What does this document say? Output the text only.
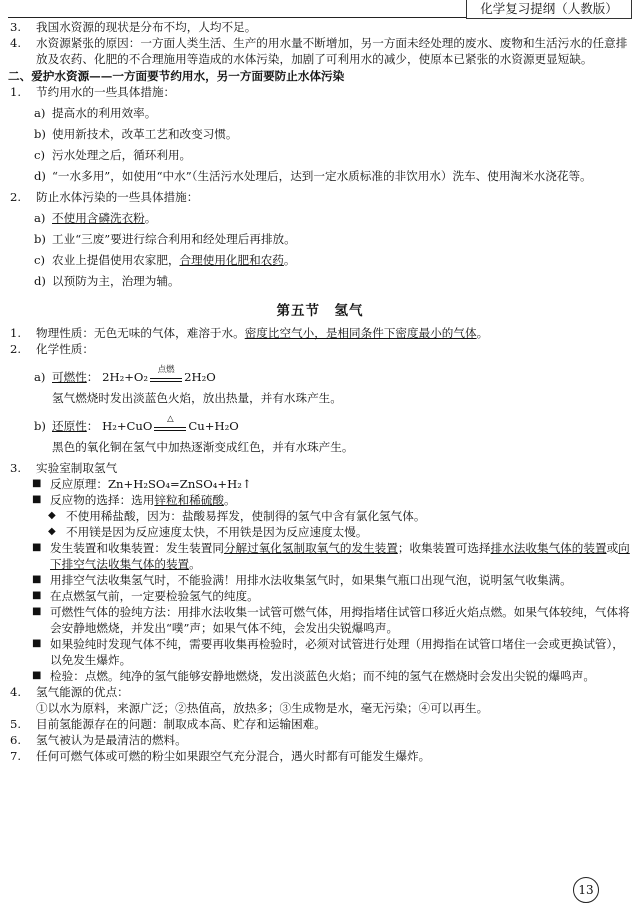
化学复习提纲（人教版）

3. 我国水资源的现状是分布不均，人均不足。

4. 水资源紧张的原因：一方面人类生活、生产的用水量不断增加，另一方面未经处理的废水、废物和生活污水的任意排放及农药、化肥的不合理施用等造成的水体污染，加剧了可利用水的减少，使原本已紧张的水资源更显短缺。

二、爱护水资源——一方面要节约用水，另一方面要防止水体污染

1. 节约用水的一些具体措施：

a) 提高水的利用效率。

b) 使用新技术，改革工艺和改变习惯。

c) 污水处理之后，循环利用。

d) “一水多用”，如使用“中水”（生活污水处理后，达到一定水质标准的非饮用水）洗车、使用淘米水浇花等。

2. 防止水体污染的一些具体措施：

a) 不使用含磷洗衣粉。

b) 工业“三废”要进行综合利用和经处理后再排放。

c) 农业上提倡使用农家肥，合理使用化肥和农药。

d) 以预防为主，治理为辅。

第五节　氢气

1. 物理性质：无色无味的气体，难溶于水。密度比空气小，是相同条件下密度最小的气体。

2. 化学性质：

a) 可燃性： 2H₂+O₂	点燃 2H₂O

氢气燃烧时发出淡蓝色火焰，放出热量，并有水珠产生。

b) 还原性： H₂+CuO	△	Cu+H₂O

黑色的氧化铜在氢气中加热逐渐变成红色，并有水珠产生。

3. 实验室制取氢气

■ 反应原理：Zn+H₂SO₄=ZnSO₄+H₂↑

■ 反应物的选择：选用锌粒和稀硫酸。

◆ 不使用稀盐酸，因为：盐酸易挥发，使制得的氢气中含有氯化氢气体。

◆ 不用镁是因为反应速度太快，不用铁是因为反应速度太慢。

■ 发生装置和收集装置：发生装置同分解过氧化氢制取氧气的发生装置；收集装置可选择排水法收集气体的装置或向下排空气法收集气体的装置。

■ 用排空气法收集氢气时，不能验满！用排水法收集氢气时，如果集气瓶口出现气泡，说明氢气收集满。

■ 在点燃氢气前，一定要检验氢气的纯度。

■ 可燃性气体的验纯方法：用排水法收集一试管可燃气体，用拇指堵住试管口移近火焰点燃。如果气体较纯，气体将会安静地燃烧，并发出“噗”声；如果气体不纯，会发出尖锐爆鸣声。

■ 如果验纯时发现气体不纯，需要再收集再检验时，必须对试管进行处理（用拇指在试管口堵住一会或更换试管），以免发生爆炸。

■ 检验：点燃。纯净的氢气能够安静地燃烧，发出淡蓝色火焰；而不纯的氢气在燃烧时会发出尖锐的爆鸣声。

4. 氢气能源的优点：

①以水为原料，来源广泛；②热值高，放热多；③生成物是水，毫无污染；④可以再生。

5. 目前氢能源存在的问题：制取成本高、贮存和运输困难。

6. 氢气被认为是最清洁的燃料。

7. 任何可燃气体或可燃的粉尘如果跟空气充分混合，遇火时都有可能发生爆炸。

13
